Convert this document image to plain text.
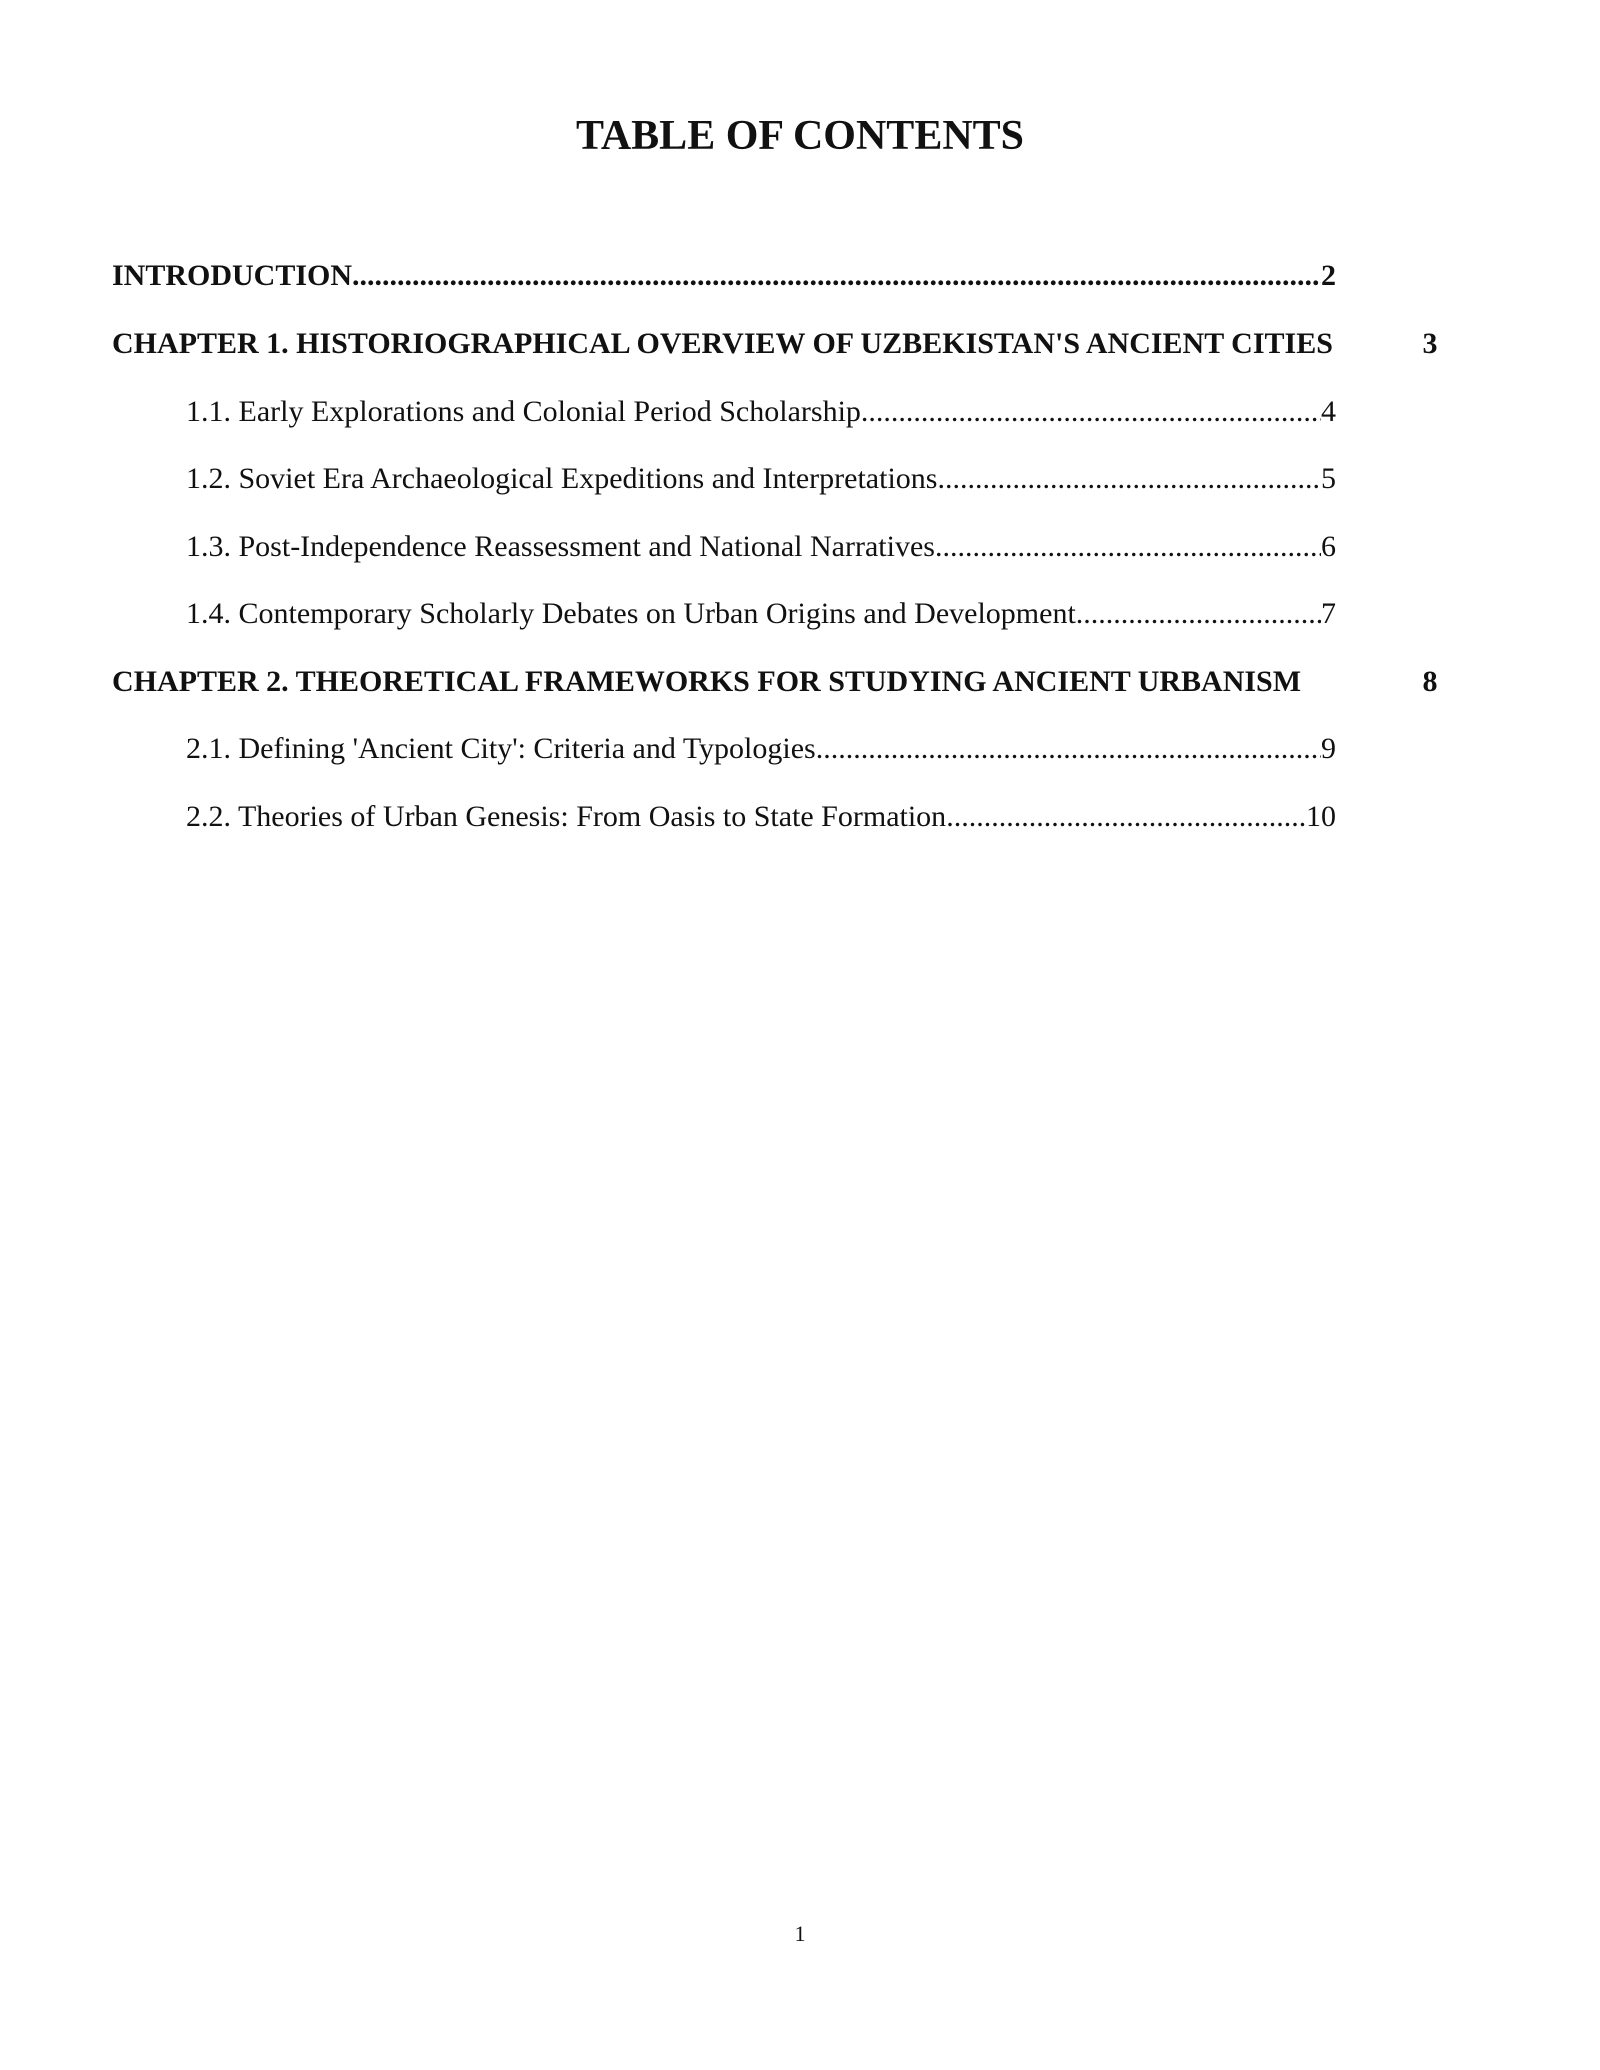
TABLE OF CONTENTS
INTRODUCTION .....	2
CHAPTER 1. HISTORIOGRAPHICAL OVERVIEW OF UZBEKISTAN'S ANCIENT CITIES	3
1.1. Early Explorations and Colonial Period Scholarship .....	4
1.2. Soviet Era Archaeological Expeditions and Interpretations .....	5
1.3. Post-Independence Reassessment and National Narratives .....	6
1.4. Contemporary Scholarly Debates on Urban Origins and Development .....	7
CHAPTER 2. THEORETICAL FRAMEWORKS FOR STUDYING ANCIENT URBANISM	8
2.1. Defining 'Ancient City': Criteria and Typologies .....	9
2.2. Theories of Urban Genesis: From Oasis to State Formation .....	10
1
